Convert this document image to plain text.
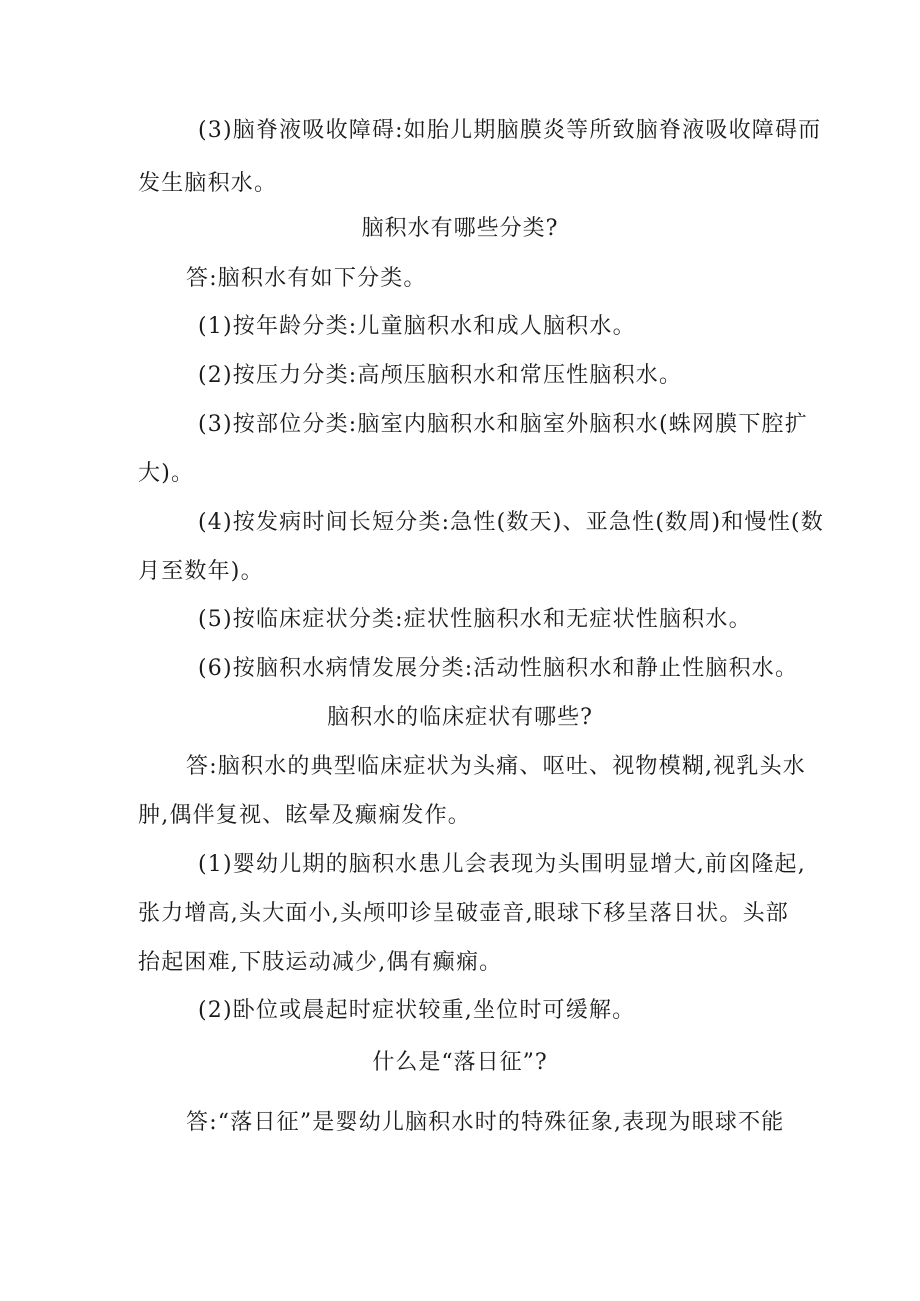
(3)脑脊液吸收障碍:如胎儿期脑膜炎等所致脑脊液吸收障碍而
发生脑积水。
脑积水有哪些分类?
答:脑积水有如下分类。
(1)按年龄分类:儿童脑积水和成人脑积水。
(2)按压力分类:高颅压脑积水和常压性脑积水。
(3)按部位分类:脑室内脑积水和脑室外脑积水(蛛网膜下腔扩
大)。
(4)按发病时间长短分类:急性(数天)、亚急性(数周)和慢性(数
月至数年)。
(5)按临床症状分类:症状性脑积水和无症状性脑积水。
(6)按脑积水病情发展分类:活动性脑积水和静止性脑积水。
脑积水的临床症状有哪些?
答:脑积水的典型临床症状为头痛、呕吐、视物模糊,视乳头水
肿,偶伴复视、眩晕及癫痫发作。
(1)婴幼儿期的脑积水患儿会表现为头围明显增大,前囟隆起,
张力增高,头大面小,头颅叩诊呈破壶音,眼球下移呈落日状。头部
抬起困难,下肢运动减少,偶有癫痫。
(2)卧位或晨起时症状较重,坐位时可缓解。
什么是“落日征”?
答:“落日征”是婴幼儿脑积水时的特殊征象,表现为眼球不能
